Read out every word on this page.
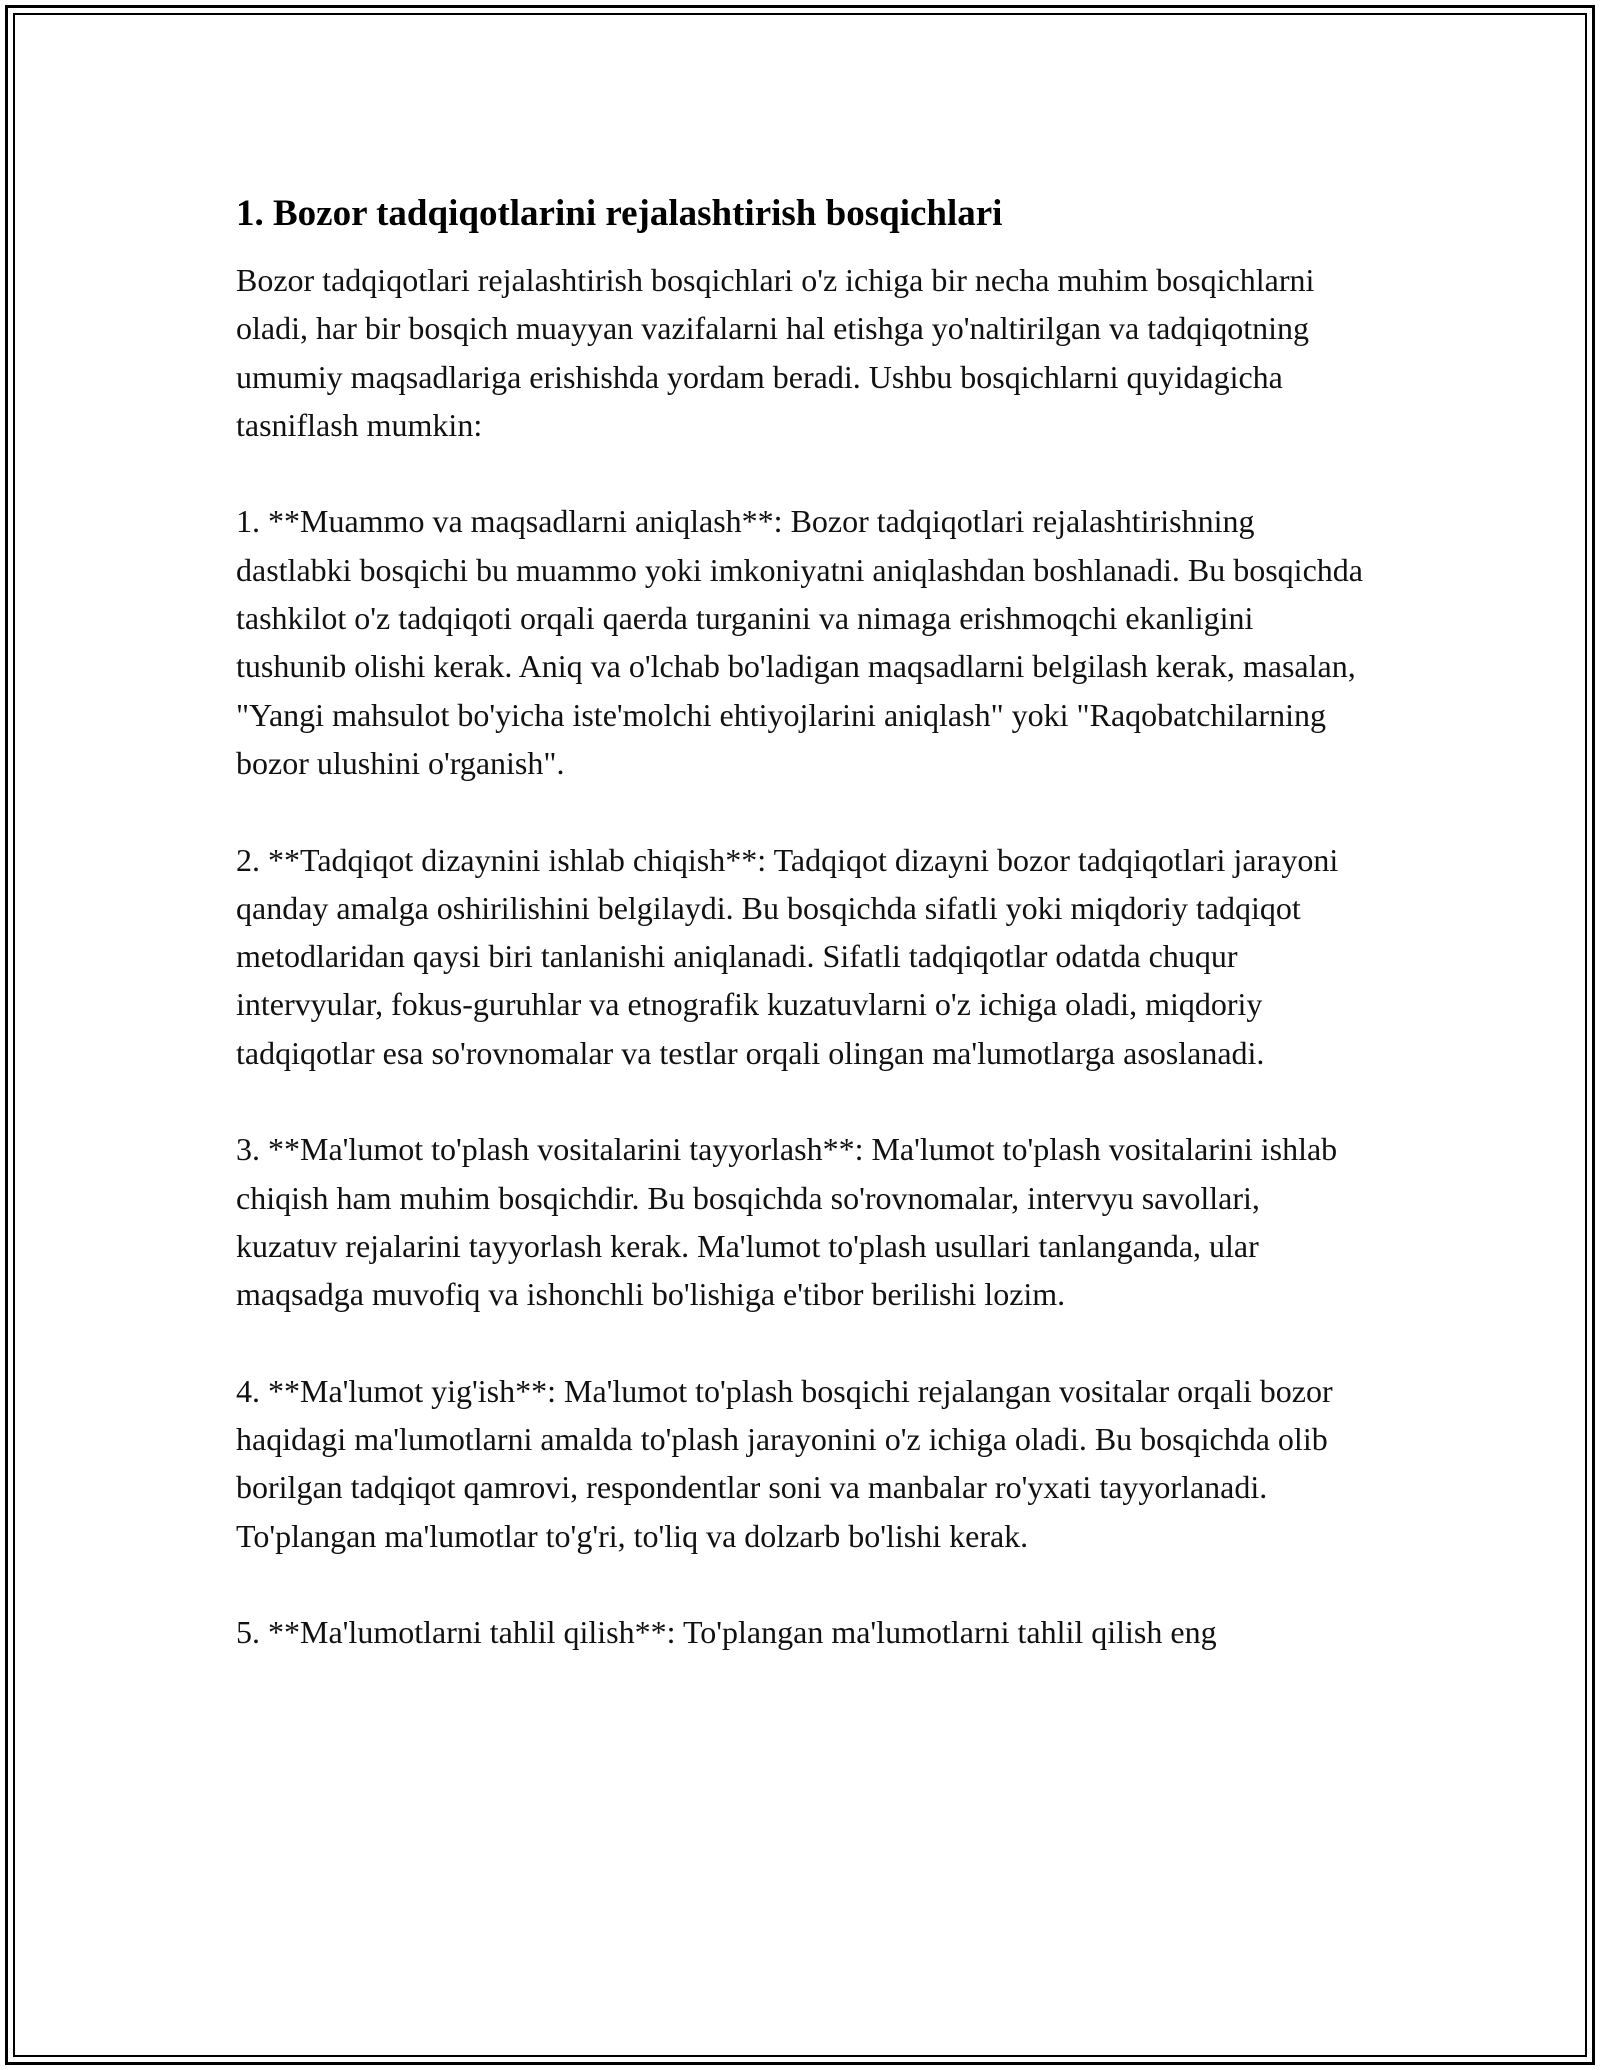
1. Bozor tadqiqotlarini rejalashtirish bosqichlari

Bozor tadqiqotlari rejalashtirish bosqichlari o'z ichiga bir necha muhim bosqichlarni oladi, har bir bosqich muayyan vazifalarni hal etishga yo'naltirilgan va tadqiqotning umumiy maqsadlariga erishishda yordam beradi. Ushbu bosqichlarni quyidagicha tasniflash mumkin:

1. **Muammo va maqsadlarni aniqlash**: Bozor tadqiqotlari rejalashtirishning dastlabki bosqichi bu muammo yoki imkoniyatni aniqlashdan boshlanadi. Bu bosqichda tashkilot o'z tadqiqoti orqali qaerda turganini va nimaga erishmoqchi ekanligini tushunib olishi kerak. Aniq va o'lchab bo'ladigan maqsadlarni belgilash kerak, masalan, "Yangi mahsulot bo'yicha iste'molchi ehtiyojlarini aniqlash" yoki "Raqobatchilarning bozor ulushini o'rganish".

2. **Tadqiqot dizaynini ishlab chiqish**: Tadqiqot dizayni bozor tadqiqotlari jarayoni qanday amalga oshirilishini belgilaydi. Bu bosqichda sifatli yoki miqdoriy tadqiqot metodlaridan qaysi biri tanlanishi aniqlanadi. Sifatli tadqiqotlar odatda chuqur intervyular, fokus-guruhlar va etnografik kuzatuvlarni o'z ichiga oladi, miqdoriy tadqiqotlar esa so'rovnomalar va testlar orqali olingan ma'lumotlarga asoslanadi.

3. **Ma'lumot to'plash vositalarini tayyorlash**: Ma'lumot to'plash vositalarini ishlab chiqish ham muhim bosqichdir. Bu bosqichda so'rovnomalar, intervyu savollari, kuzatuv rejalarini tayyorlash kerak. Ma'lumot to'plash usullari tanlanganda, ular maqsadga muvofiq va ishonchli bo'lishiga e'tibor berilishi lozim.

4. **Ma'lumot yig'ish**: Ma'lumot to'plash bosqichi rejalangan vositalar orqali bozor haqidagi ma'lumotlarni amalda to'plash jarayonini o'z ichiga oladi. Bu bosqichda olib borilgan tadqiqot qamrovi, respondentlar soni va manbalar ro'yxati tayyorlanadi. To'plangan ma'lumotlar to'g'ri, to'liq va dolzarb bo'lishi kerak.

5. **Ma'lumotlarni tahlil qilish**: To'plangan ma'lumotlarni tahlil qilish eng
